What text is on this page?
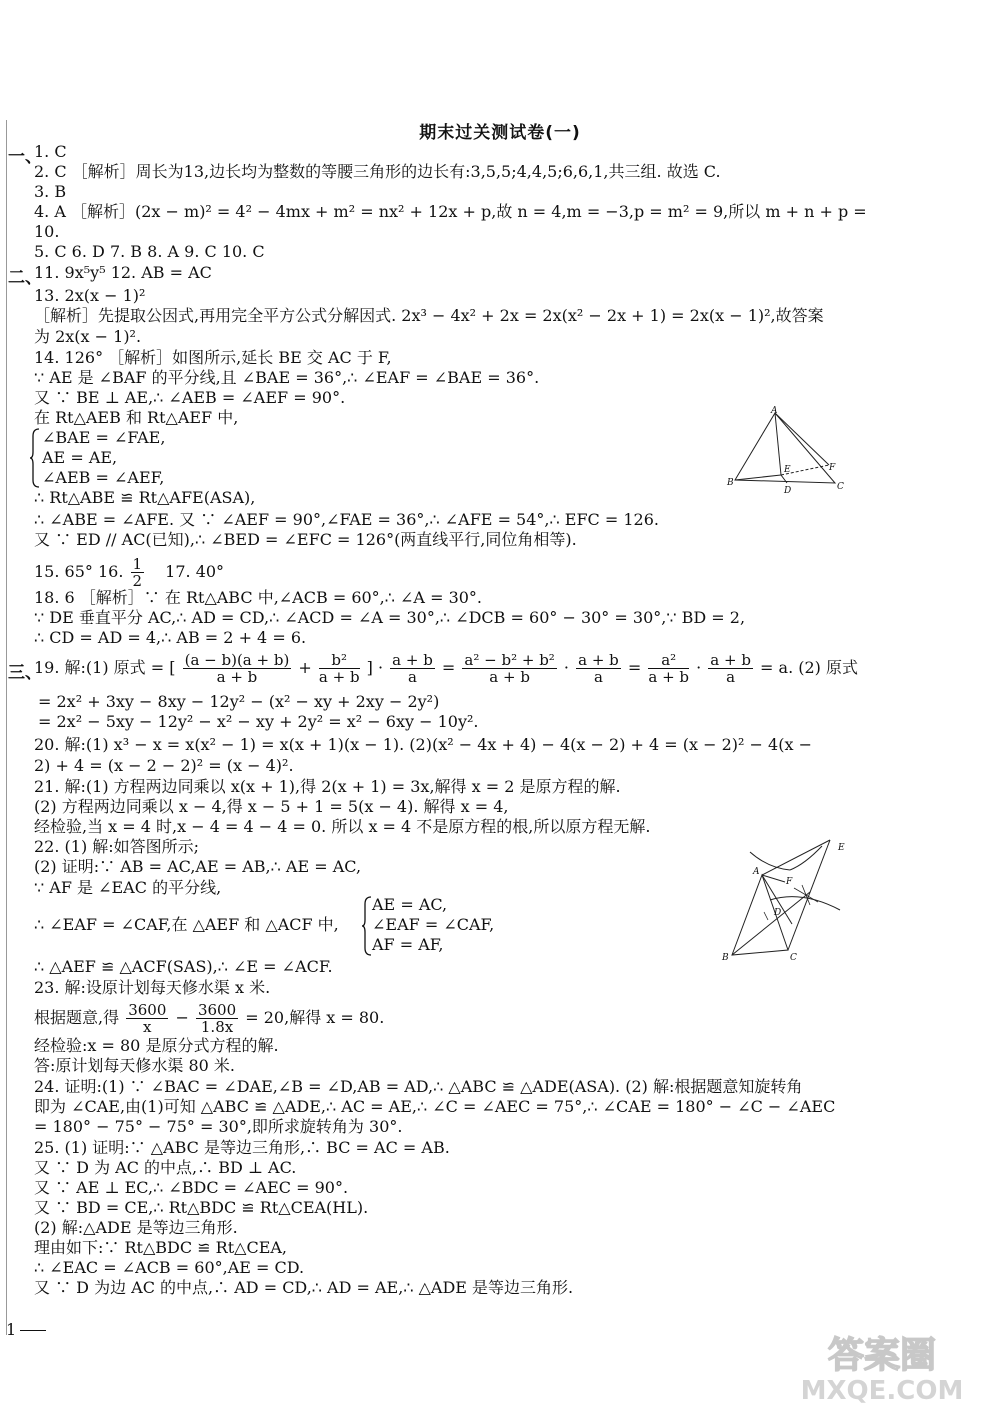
期末过关测试卷(一)
一、
二、
三、
1. C
2. C ［解析］周长为13,边长均为整数的等腰三角形的边长有:3,5,5;4,4,5;6,6,1,共三组. 故选 C.
3. B
4. A ［解析］(2x − m)² = 4² − 4mx + m² = nx² + 12x + p,故 n = 4,m = −3,p = m² = 9,所以 m + n + p =
10.
5. C 6. D 7. B 8. A 9. C 10. C
11. 9x⁵y⁵ 12. AB = AC
13. 2x(x − 1)²
［解析］先提取公因式,再用完全平方公式分解因式. 2x³ − 4x² + 2x = 2x(x² − 2x + 1) = 2x(x − 1)²,故答案
为 2x(x − 1)².
14. 126° ［解析］如图所示,延长 BE 交 AC 于 F,
∵ AE 是 ∠BAF 的平分线,且 ∠BAE = 36°,∴ ∠EAF = ∠BAE = 36°.
又 ∵ BE ⊥ AE,∴ ∠AEB = ∠AEF = 90°.
在 Rt△AEB 和 Rt△AEF 中,
∠BAE = ∠FAE,
AE = AE,
∠AEB = ∠AEF,
∴ Rt△ABE ≌ Rt△AFE(ASA),
∴ ∠ABE = ∠AFE. 又 ∵ ∠AEF = 90°,∠FAE = 36°,∴ ∠AFE = 54°,∴ EFC = 126.
又 ∵ ED // AC(已知),∴ ∠BED = ∠EFC = 126°(两直线平行,同位角相等).
15. 65° 16. $\frac{1}{2} 17$. 40°
18. 6 ［解析］∵ 在 Rt△ABC 中,∠ACB = 60°,∴ ∠A = 30°.
∵ DE 垂直平分 AC,∴ AD = CD,∴ ∠ACD = ∠A = 30°,∴ ∠DCB = 60° − 30° = 30°,∵ BD = 2,
∴ CD = AD = 4,∴ AB = 2 + 4 = 6.
19. 解:(1) 原式 = [ $\frac{(a - b)(a + b)}{a + b} + \frac{\text{b²}}{a + b}$ ] · $\frac{a + b}{a} = \frac{\text{a² − b² + b²}}{a + b} \cdot \frac{a + b}{a} = \frac{\text{a²}}{a + b} \cdot \frac{a + b}{a} = a$. (2) 原式
= 2x² + 3xy − 8xy − 12y² − (x² − xy + 2xy − 2y²)
= 2x² − 5xy − 12y² − x² − xy + 2y² = x² − 6xy − 10y².
20. 解:(1) x³ − x = x(x² − 1) = x(x + 1)(x − 1). (2)(x² − 4x + 4) − 4(x − 2) + 4 = (x − 2)² − 4(x −
2) + 4 = (x − 2 − 2)² = (x − 4)².
21. 解:(1) 方程两边同乘以 x(x + 1),得 2(x + 1) = 3x,解得 x = 2 是原方程的解.
(2) 方程两边同乘以 x − 4,得 x − 5 + 1 = 5(x − 4). 解得 x = 4,
经检验,当 x = 4 时,x − 4 = 4 − 4 = 0. 所以 x = 4 不是原方程的根,所以原方程无解.
22. (1) 解:如答图所示;
(2) 证明:∵ AB = AC,AE = AB,∴ AE = AC,
∵ AF 是 ∠EAC 的平分线,
∴ ∠EAF = ∠CAF,在 △AEF 和 △ACF 中,
AE = AC,
∠EAF = ∠CAF,
AF = AF,
∴ △AEF ≌ △ACF(SAS),∴ ∠E = ∠ACF.
23. 解:设原计划每天修水渠 x 米.
根据题意,得 $\frac{3600}{x} - \frac{3600}{1.8x} = 20$,解得 x = 80.
经检验:x = 80 是原分式方程的解.
答:原计划每天修水渠 80 米.
24. 证明:(1) ∵ ∠BAC = ∠DAE,∠B = ∠D,AB = AD,∴ △ABC ≌ △ADE(ASA). (2) 解:根据题意知旋转角
即为 ∠CAE,由(1)可知 △ABC ≌ △ADE,∴ AC = AE,∴ ∠C = ∠AEC = 75°,∴ ∠CAE = 180° − ∠C − ∠AEC
= 180° − 75° − 75° = 30°,即所求旋转角为 30°.
25. (1) 证明:∵ △ABC 是等边三角形,∴ BC = AC = AB.
又 ∵ D 为 AC 的中点,∴ BD ⊥ AC.
又 ∵ AE ⊥ EC,∴ ∠BDC = ∠AEC = 90°.
又 ∵ BD = CE,∴ Rt△BDC ≌ Rt△CEA(HL).
(2) 解:△ADE 是等边三角形.
理由如下:∵ Rt△BDC ≌ Rt△CEA,
∴ ∠EAC = ∠ACB = 60°,AE = CD.
又 ∵ D 为边 AC 的中点,∴ AD = CD,∴ AD = AE,∴ △ADE 是等边三角形.
A
B	C
D
E	F
A
B	C
D
E
F
1
答案圈
MXQE.COM
